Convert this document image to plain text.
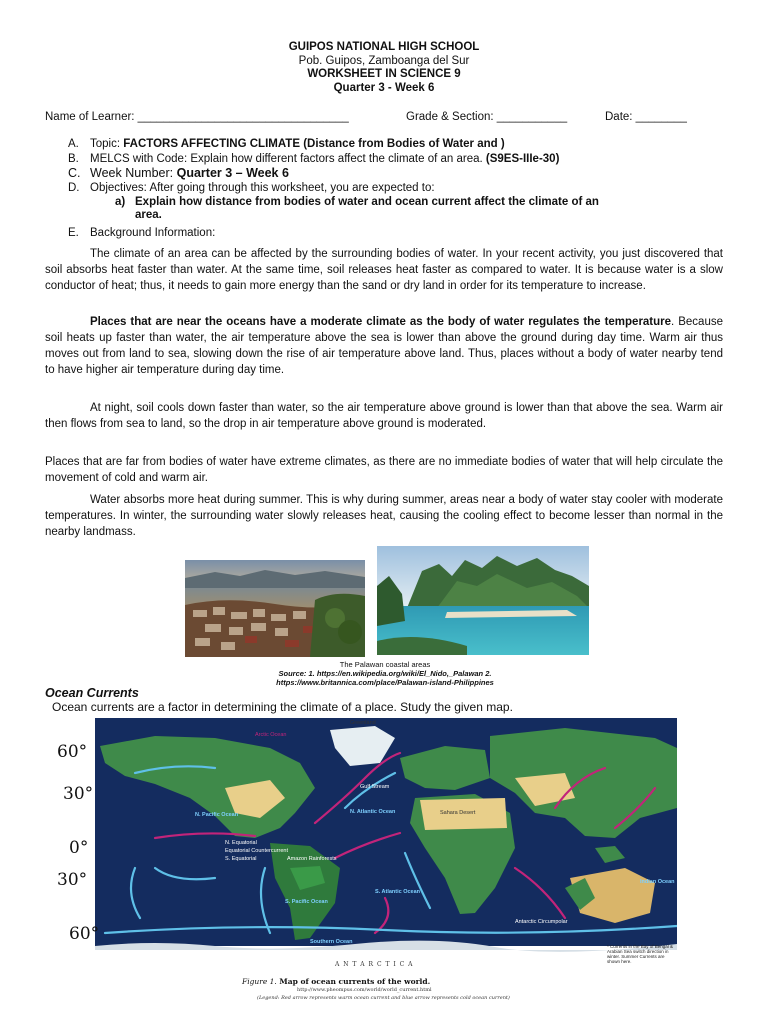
GUIPOS NATIONAL HIGH SCHOOL
Pob. Guipos, Zamboanga del Sur
WORKSHEET IN SCIENCE 9
Quarter 3 - Week 6
Name of Learner: _________________________________	Grade & Section: ___________	Date: ________
A. Topic: FACTORS AFFECTING CLIMATE (Distance from Bodies of Water and )
B. MELCS with Code: Explain how different factors affect the climate of an area. (S9ES-IIIe-30)
C. Week Number: Quarter 3 – Week 6
D. Objectives: After going through this worksheet, you are expected to:
a) Explain how distance from bodies of water and ocean current affect the climate of an
area.
E. Background Information:
The climate of an area can be affected by the surrounding bodies of water. In your recent activity, you just discovered that soil absorbs heat faster than water. At the same time, soil releases heat faster as compared to water. It is because water is a slow conductor of heat; thus, it needs to gain more energy than the sand or dry land in order for its temperature to increase.
Places that are near the oceans have a moderate climate as the body of water regulates the temperature. Because soil heats up faster than water, the air temperature above the sea is lower than above the ground during day time. Warm air thus moves out from land to sea, slowing down the rise of air temperature above land. Thus, places without a body of water nearby tend to have higher air temperature during day time.
At night, soil cools down faster than water, so the air temperature above ground is lower than that above the sea. Warm air then flows from sea to land, so the drop in air temperature above ground is moderated.
Places that are far from bodies of water have extreme climates, as there are no immediate bodies of water that will help circulate the movement of cold and warm air.
Water absorbs more heat during summer. This is why during summer, areas near a body of water stay cooler with moderate temperatures. In winter, the surrounding water slowly releases heat, causing the cooling effect to become lesser than normal in the nearby landmass.
The Palawan coastal areas
Source: 1. https://en.wikipedia.org/wiki/El_Nido,_Palawan 2.
https://www.britannica.com/place/Palawan-island-Philippines
Ocean Currents
Ocean currents are a factor in determining the climate of a place. Study the given map.
Arctic Ocean
Greenland
N. Pacific Ocean
S. Pacific Ocean
N. Atlantic Ocean
S. Atlantic Ocean
Indian Ocean
Southern Ocean
Sahara Desert
Amazon Rainforests
Gulf Stream
N. Equatorial
Equatorial Countercurrent
S. Equatorial
Antarctic Circumpolar
A N T A R C T I C A
* Currents in the Bay of Bengal & Arabian Sea switch direction in winter. Summer Currents are shown here.
60°
30°
0°
30°
60°
Figure 1. Map of ocean currents of the world.
http://www.pheompus.com/world/world_current.html
(Legend: Red arrow represents warm ocean current and blue arrow represents cold ocean current)
